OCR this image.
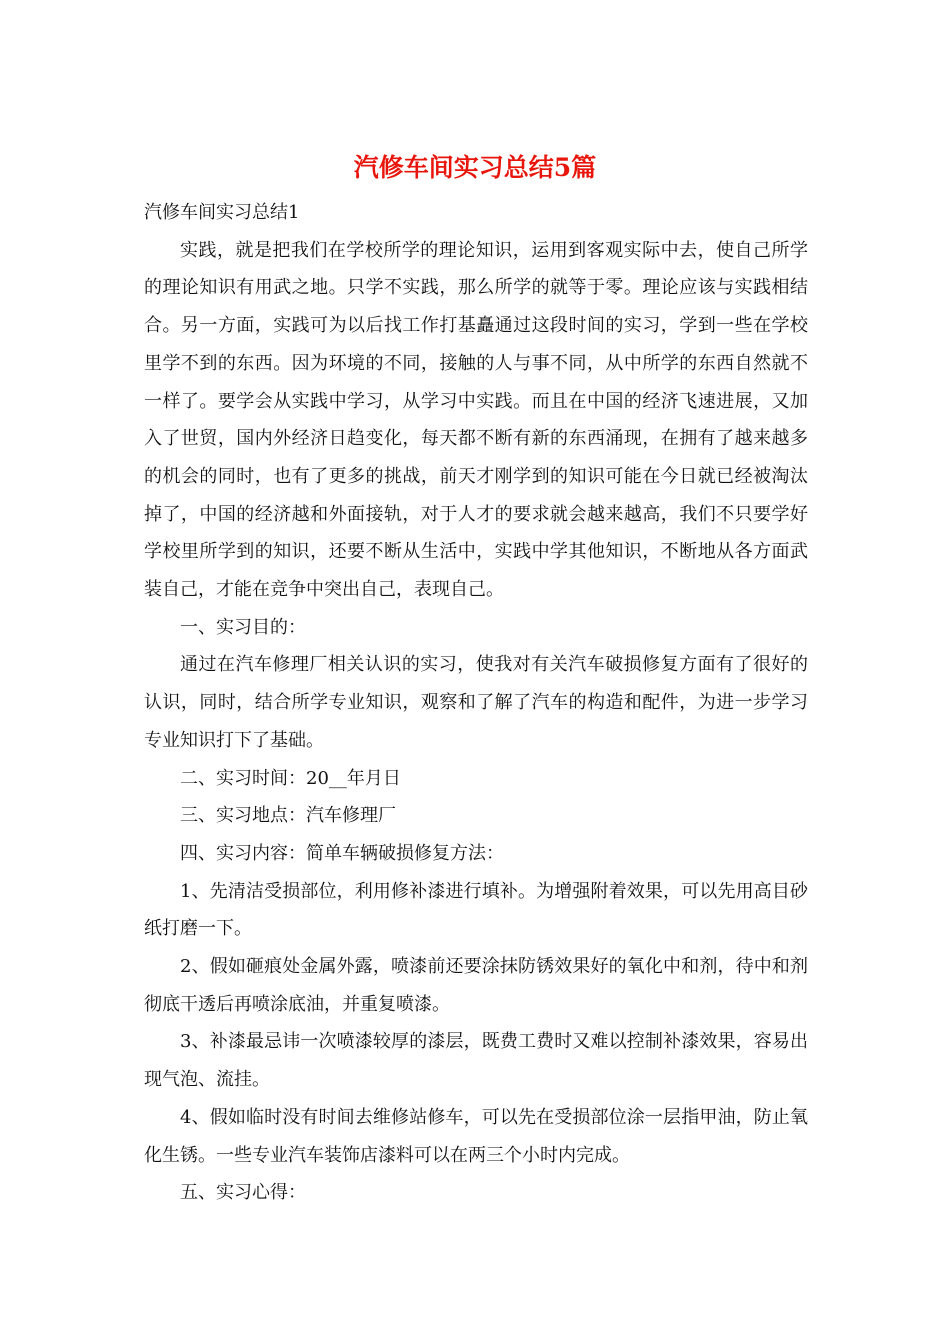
汽修车间实习总结5篇

汽修车间实习总结1

实践，就是把我们在学校所学的理论知识，运用到客观实际中去，使自己所学的理论知识有用武之地。只学不实践，那么所学的就等于零。理论应该与实践相结合。另一方面，实践可为以后找工作打基矗通过这段时间的实习，学到一些在学校里学不到的东西。因为环境的不同，接触的人与事不同，从中所学的东西自然就不一样了。要学会从实践中学习，从学习中实践。而且在中国的经济飞速进展，又加入了世贸，国内外经济日趋变化，每天都不断有新的东西涌现，在拥有了越来越多的机会的同时，也有了更多的挑战，前天才刚学到的知识可能在今日就已经被淘汰掉了，中国的经济越和外面接轨，对于人才的要求就会越来越高，我们不只要学好学校里所学到的知识，还要不断从生活中，实践中学其他知识，不断地从各方面武装自己，才能在竞争中突出自己，表现自己。

一、实习目的：

通过在汽车修理厂相关认识的实习，使我对有关汽车破损修复方面有了很好的认识，同时，结合所学专业知识，观察和了解了汽车的构造和配件，为进一步学习专业知识打下了基础。

二、实习时间：20__年月日

三、实习地点：汽车修理厂

四、实习内容：简单车辆破损修复方法：

1、先清洁受损部位，利用修补漆进行填补。为增强附着效果，可以先用高目砂纸打磨一下。

2、假如砸痕处金属外露，喷漆前还要涂抹防锈效果好的氧化中和剂，待中和剂彻底干透后再喷涂底油，并重复喷漆。

3、补漆最忌讳一次喷漆较厚的漆层，既费工费时又难以控制补漆效果，容易出现气泡、流挂。

4、假如临时没有时间去维修站修车，可以先在受损部位涂一层指甲油，防止氧化生锈。一些专业汽车装饰店漆料可以在两三个小时内完成。

五、实习心得：
